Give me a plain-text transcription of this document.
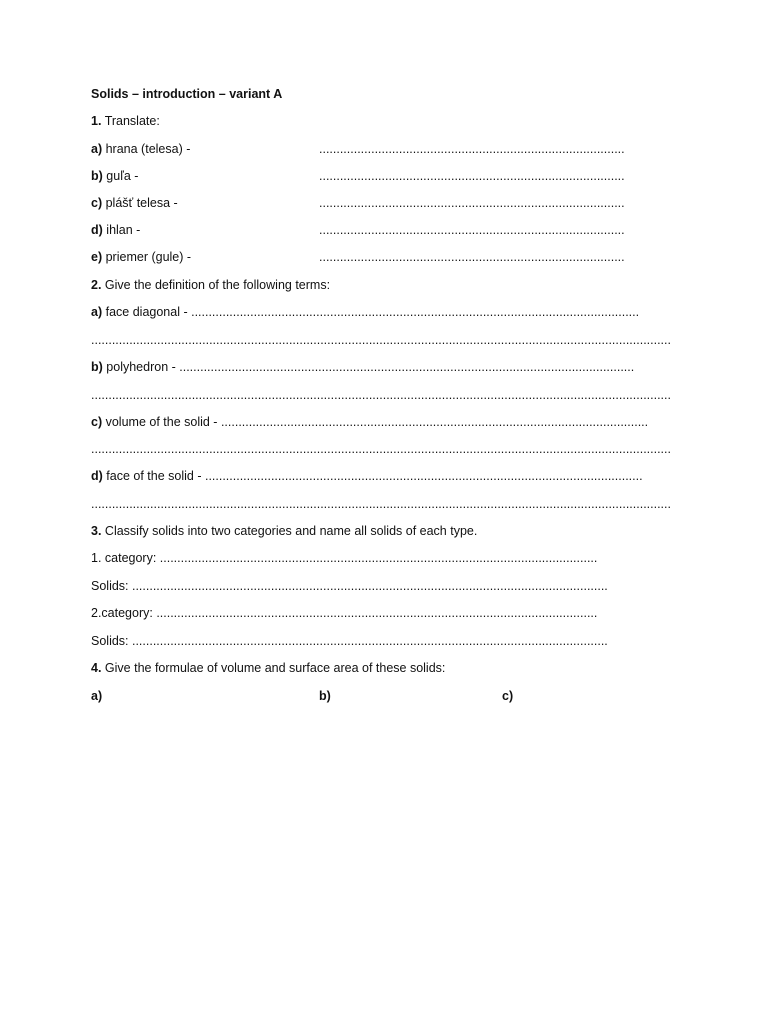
Solids – introduction – variant A
1. Translate:
a) hrana (telesa) -	........................................................................................
b) guľa -	........................................................................................
c) plášť telesa -	........................................................................................
d) ihlan -	........................................................................................
e) priemer (gule) -	........................................................................................
2. Give the definition of the following terms:
a) face diagonal - .................................................................................................................................
.......................................................................................................................................................................
b) polyhedron - ...................................................................................................................................
.......................................................................................................................................................................
c) volume of the solid - ...........................................................................................................................
.......................................................................................................................................................................
d) face of the solid - ..............................................................................................................................
.......................................................................................................................................................................
3. Classify solids into two categories and name all solids of each type.
1. category: ..............................................................................................................................
Solids: .........................................................................................................................................
2.category: ...............................................................................................................................
Solids: .........................................................................................................................................
4. Give the formulae of volume and surface area of these solids:
a)	b)	c)
